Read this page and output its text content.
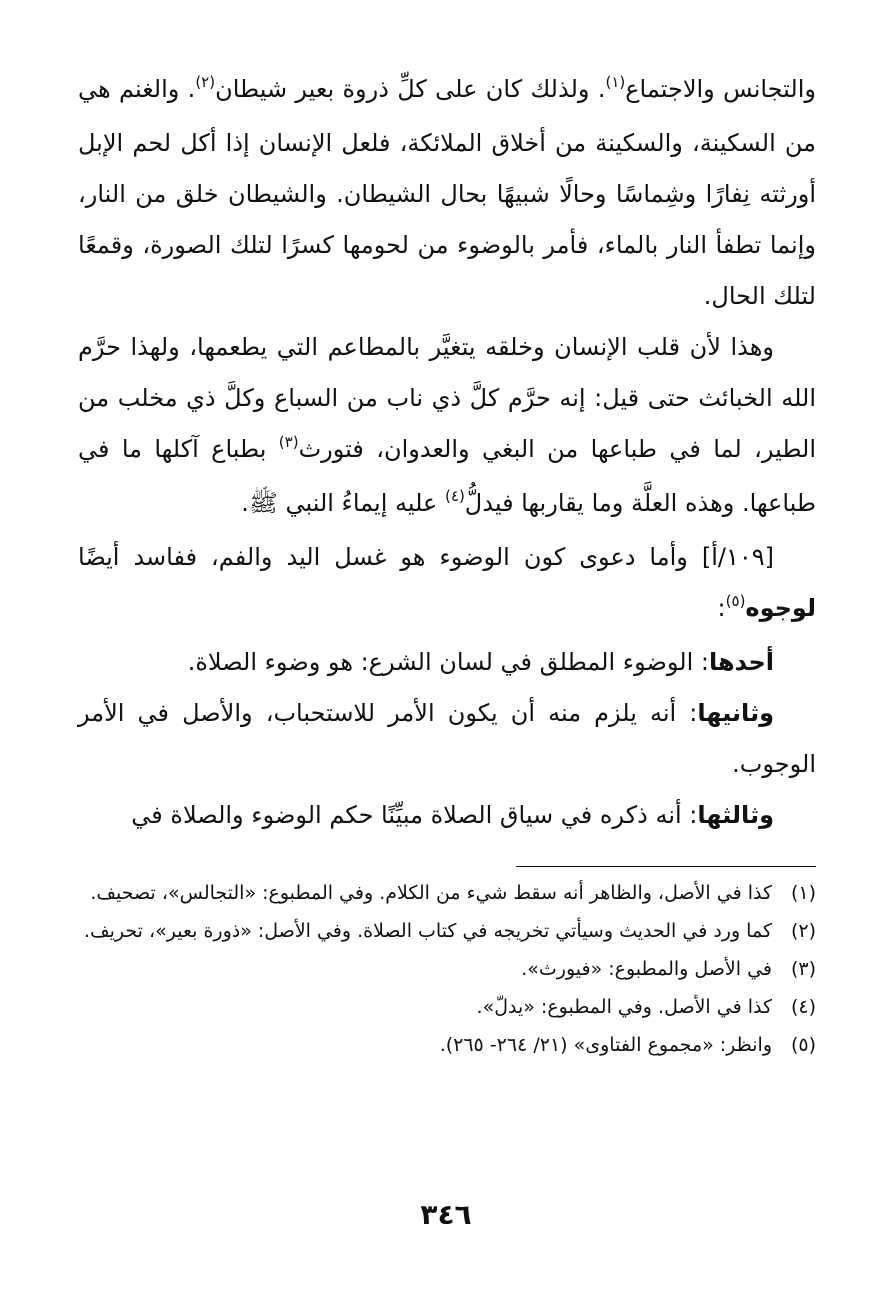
والتجانس والاجتماع$^{(١)}$. ولذلك كان على كلِّ ذروة بعير شيطان$^{(٢)}$. والغنم هي من السكينة، والسكينة من أخلاق الملائكة، فلعل الإنسان إذا أكل لحم الإبل أورثته نِفارًا وشِماسًا وحالًا شبيهًا بحال الشيطان. والشيطان خلق من النار، وإنما تطفأ النار بالماء، فأمر بالوضوء من لحومها كسرًا لتلك الصورة، وقمعًا لتلك الحال.

وهذا لأن قلب الإنسان وخلقه يتغيَّر بالمطاعم التي يطعمها، ولهذا حرَّم الله الخبائث حتى قيل: إنه حرَّم كلَّ ذي ناب من السباع وكلَّ ذي مخلب من الطير، لما في طباعها من البغي والعدوان، فتورث$^{(٣)}$ بطباع آكلها ما في طباعها. وهذه العلَّة وما يقاربها فيدلُّ$^{(٤)}$ عليه إيماءُ النبي ﷺ.

[١٠٩/أ] وأما دعوى كون الوضوء هو غسل اليد والفم، ففاسد أيضًا لوجوه$^{(٥)}$:

أحدها: الوضوء المطلق في لسان الشرع: هو وضوء الصلاة.

وثانيها: أنه يلزم منه أن يكون الأمر للاستحباب، والأصل في الأمر الوجوب.

وثالثها: أنه ذكره في سياق الصلاة مبيِّنًا حكم الوضوء والصلاة في

(١)
كذا في الأصل، والظاهر أنه سقط شيء من الكلام. وفي المطبوع: «التجالس»، تصحيف.
(٢)
كما ورد في الحديث وسيأتي تخريجه في كتاب الصلاة. وفي الأصل: «ذورة بعير»، تحريف.
(٣)
في الأصل والمطبوع: «فيورث».
(٤)
كذا في الأصل. وفي المطبوع: «يدلّ».
(٥)
وانظر: «مجموع الفتاوى» (٢١/ ٢٦٤- ٢٦٥).
٣٤٦
